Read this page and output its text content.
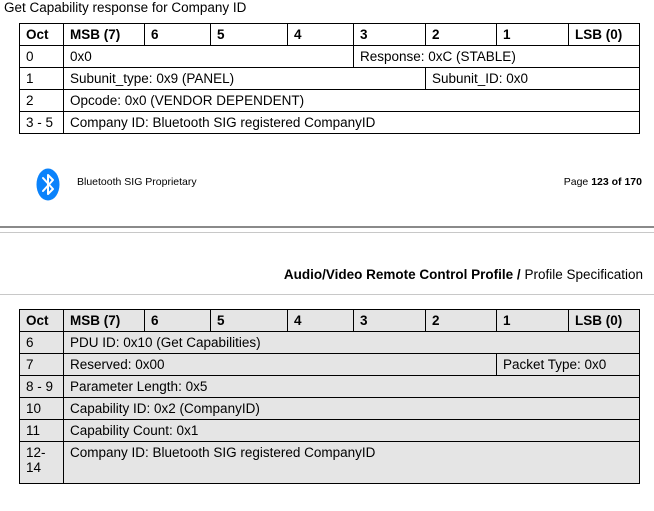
Get Capability response for Company ID
Oct	MSB (7)	6	5	4	3	2	1	LSB (0)
0	0x0				Response: 0xC (STABLE)			
1	Subunit_type: 0x9 (PANEL)					Subunit_ID: 0x0		
2	Opcode: 0x0 (VENDOR DEPENDENT)							
3 - 5	Company ID: Bluetooth SIG registered CompanyID							
Bluetooth SIG Proprietary	Page 123 of 170
Audio/Video Remote Control Profile / Profile Specification
Oct	MSB (7)	6	5	4	3	2	1	LSB (0)
6	PDU ID: 0x10 (Get Capabilities)							
7	Reserved: 0x00						Packet Type: 0x0	
8 - 9	Parameter Length: 0x5							
10	Capability ID: 0x2 (CompanyID)							
11	Capability Count: 0x1							
12-
14	Company ID: Bluetooth SIG registered CompanyID							
